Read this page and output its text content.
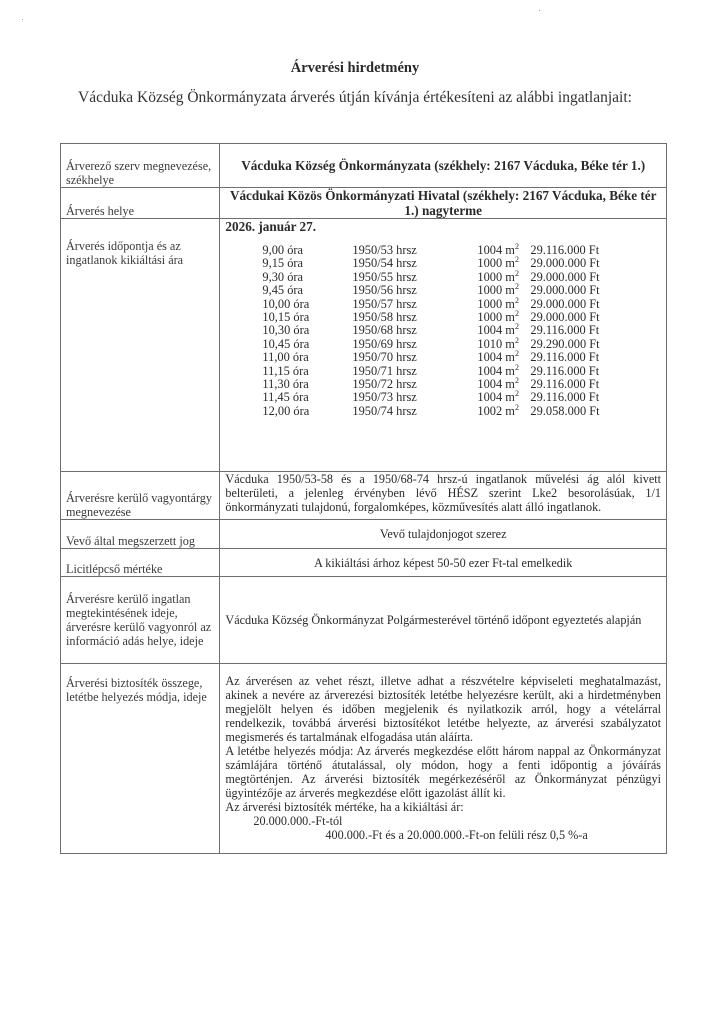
Árverési hirdetmény
Vácduka Község Önkormányzata árverés útján kívánja értékesíteni az alábbi ingatlanjait:
Árverező szerv megnevezése, székhelye	Vácduka Község Önkormányzata (székhely: 2167 Vácduka, Béke tér 1.)
Árverés helye	Vácdukai Közös Önkormányzati Hivatal (székhely: 2167 Vácduka, Béke tér 1.) nagyterme
Árverés időpontja és az ingatlanok kikiáltási ára	
2026. január 27.
9,00 óra	1950/53 hrsz	1004 $m^2$ 29.116.000 Ft
9,15 óra	1950/54 hrsz	1000 $m^2$ 29.000.000 Ft
9,30 óra	1950/55 hrsz	1000 $m^2$ 29.000.000 Ft
9,45 óra	1950/56 hrsz	1000 $m^2$ 29.000.000 Ft
10,00 óra	1950/57 hrsz	1000 $m^2$ 29.000.000 Ft
10,15 óra	1950/58 hrsz	1000 $m^2$ 29.000.000 Ft
10,30 óra	1950/68 hrsz	1004 $m^2$ 29.116.000 Ft
10,45 óra	1950/69 hrsz	1010 $m^2$ 29.290.000 Ft
11,00 óra	1950/70 hrsz	1004 $m^2$ 29.116.000 Ft
11,15 óra	1950/71 hrsz	1004 $m^2$ 29.116.000 Ft
11,30 óra	1950/72 hrsz	1004 $m^2$ 29.116.000 Ft
11,45 óra	1950/73 hrsz	1004 $m^2$ 29.116.000 Ft
12,00 óra	1950/74 hrsz	1002 $m^2$ 29.058.000 Ft

Árverésre kerülő vagyontárgy megnevezése	Vácduka 1950/53-58 és a 1950/68-74 hrsz-ú ingatlanok művelési ág alól kivett belterületi, a jelenleg érvényben lévő HÉSZ szerint Lke2 besorolásúak, 1/1 önkormányzati tulajdonú, forgalomképes, közművesítés alatt álló ingatlanok.
Vevő által megszerzett jog	Vevő tulajdonjogot szerez
Licitlépcső mértéke	A kikiáltási árhoz képest 50-50 ezer Ft-tal emelkedik
Árverésre kerülő ingatlan megtekintésének ideje, árverésre kerülő vagyonról az információ adás helye, ideje	Vácduka Község Önkormányzat Polgármesterével történő időpont egyeztetés alapján
Árverési biztosíték összege, letétbe helyezés módja, ideje	Az árverésen az vehet részt, illetve adhat a részvételre képviseleti meghatalmazást, akinek a nevére az árverezési biztosíték letétbe helyezésre került, aki a hirdetményben megjelölt helyen és időben megjelenik és nyilatkozik arról, hogy a vételárral rendelkezik, továbbá árverési biztosítékot letétbe helyezte, az árverési szabályzatot megismerés és tartalmának elfogadása után aláírta.
A letétbe helyezés módja: Az árverés megkezdése előtt három nappal az Önkormányzat számlájára történő átutalással, oly módon, hogy a fenti időpontig a jóváírás megtörténjen. Az árverési biztosíték megérkezéséről az Önkormányzat pénzügyi ügyintézője az árverés megkezdése előtt igazolást állít ki.
Az árverési biztosíték mértéke, ha a kikiáltási ár:
20.000.000.-Ft-tól
400.000.-Ft és a 20.000.000.-Ft-on felüli rész 0,5 %-a
